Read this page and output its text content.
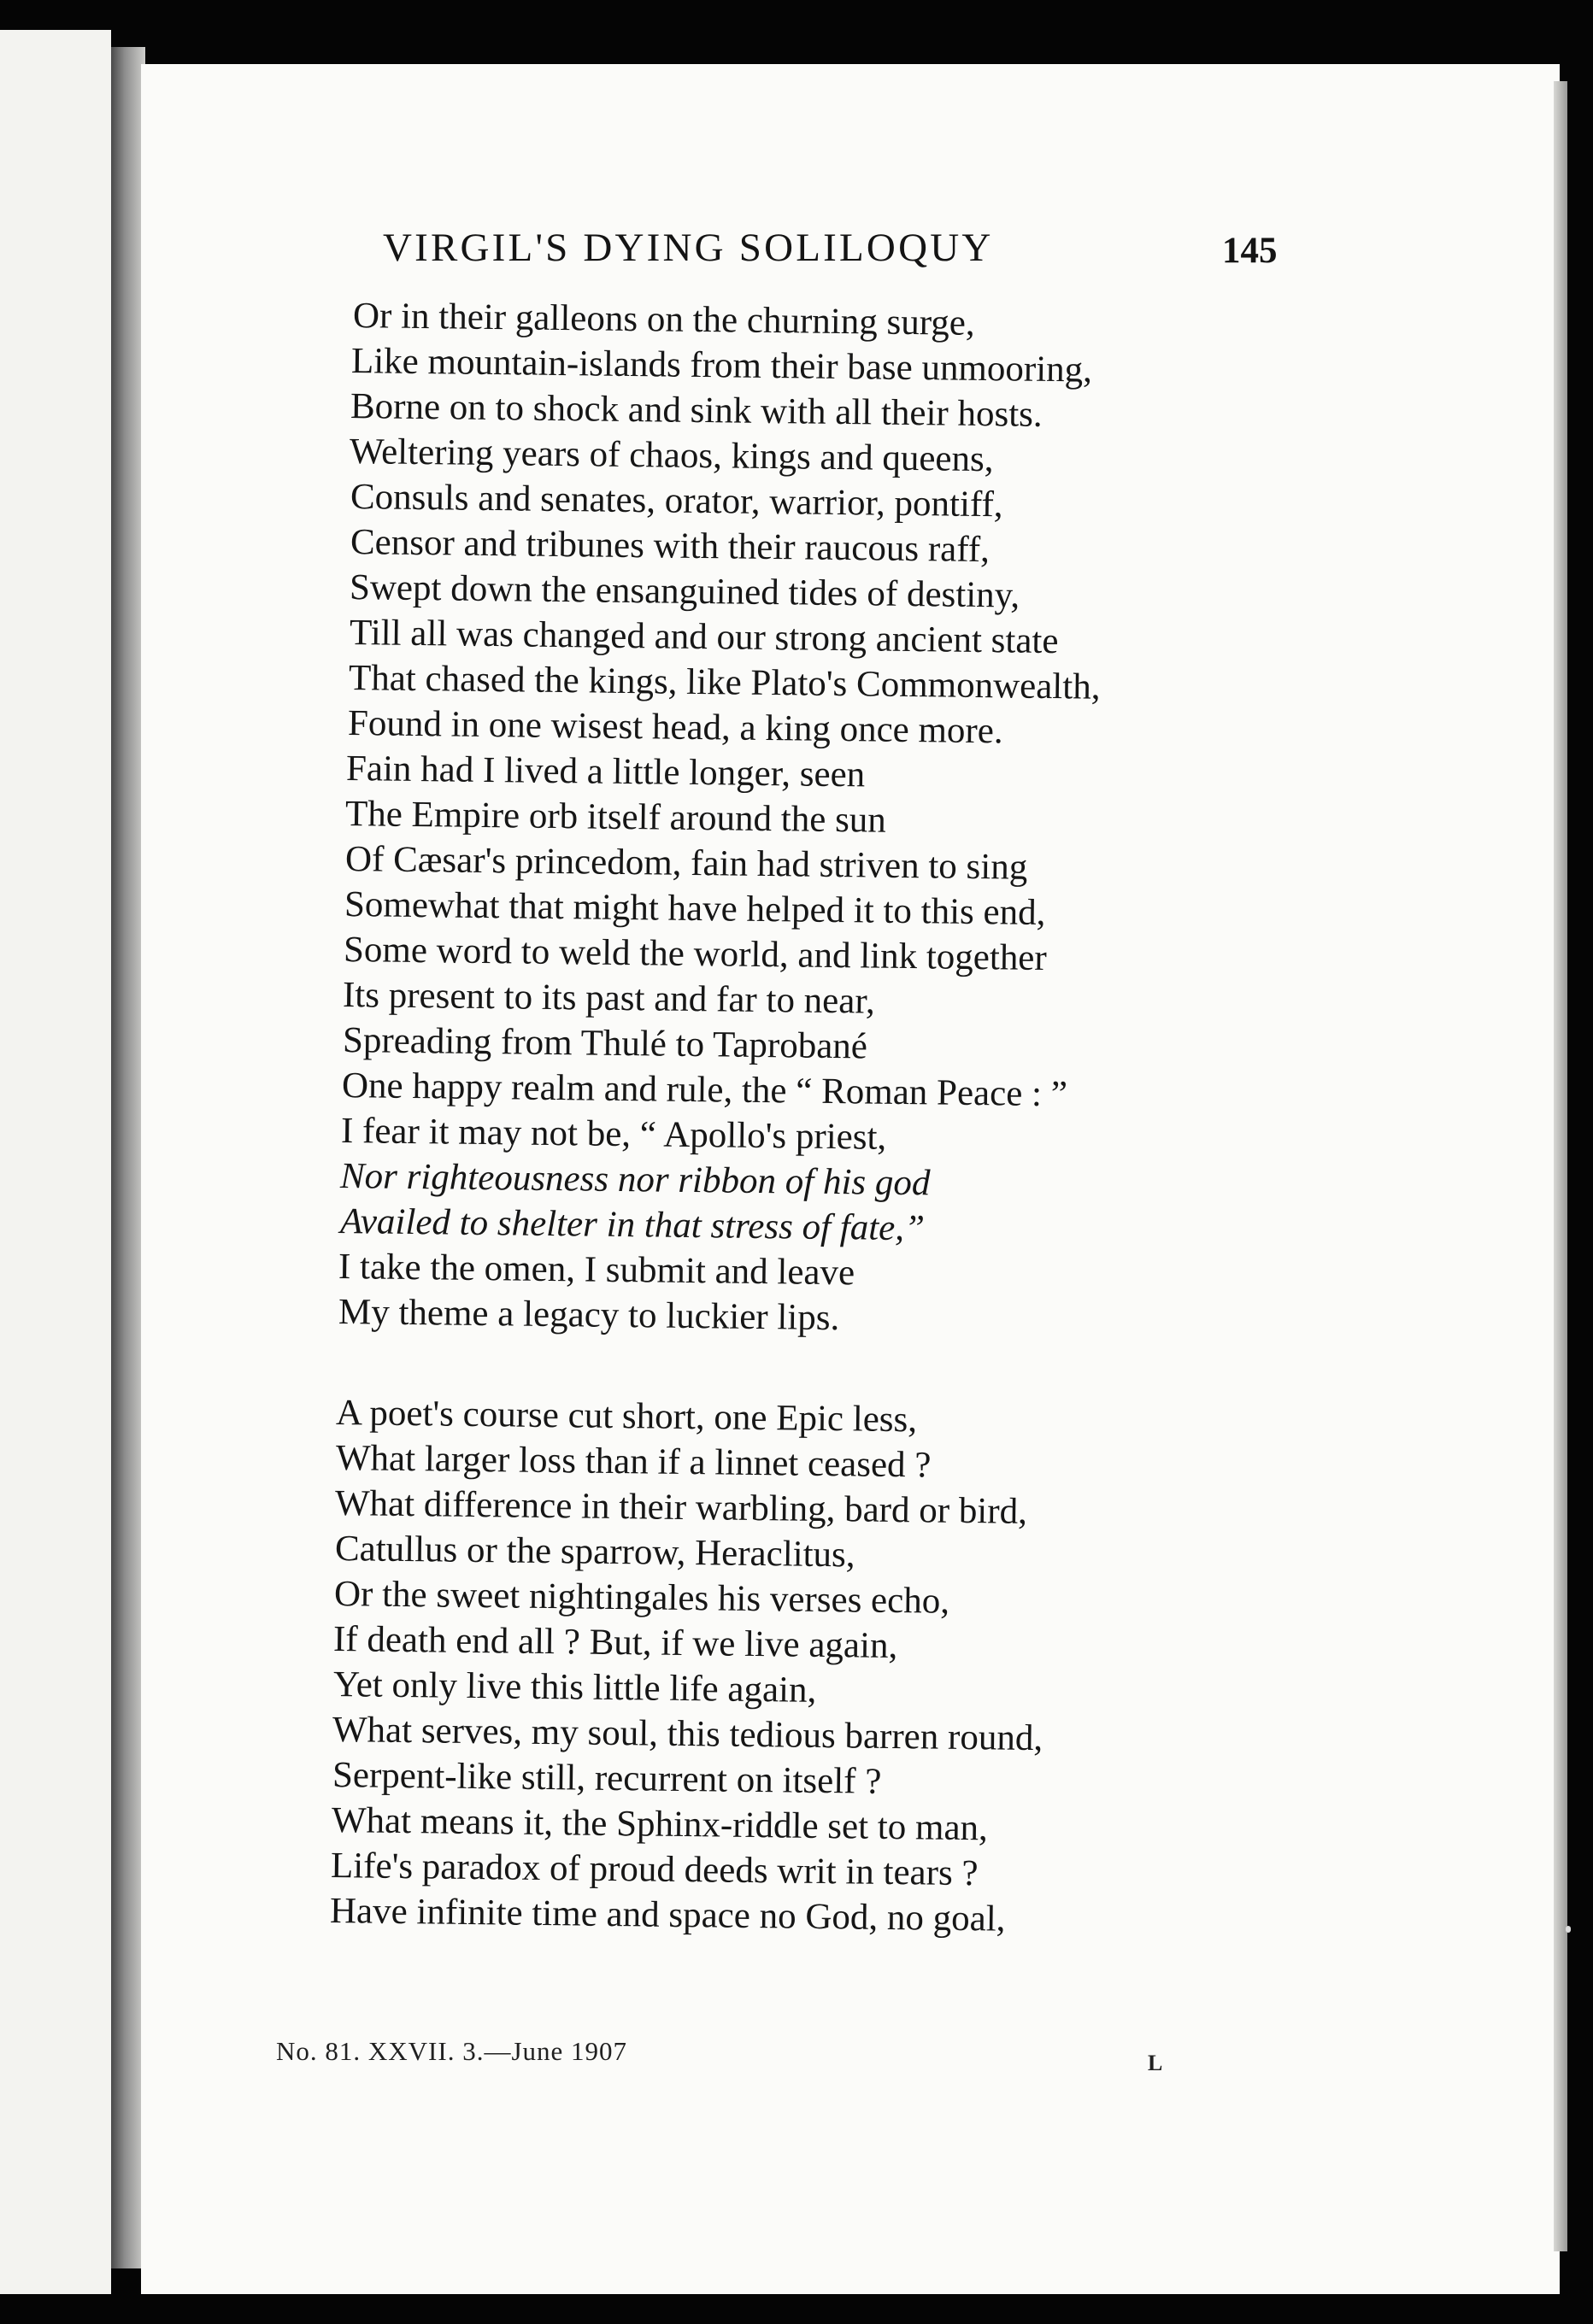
VIRGIL'S DYING SOLILOQUY	145
Or in their galleons on the churning surge,
Like mountain-islands from their base unmooring,
Borne on to shock and sink with all their hosts.
Weltering years of chaos, kings and queens,
Consuls and senates, orator, warrior, pontiff,
Censor and tribunes with their raucous raff,
Swept down the ensanguined tides of destiny,
Till all was changed and our strong ancient state
That chased the kings, like Plato's Commonwealth,
Found in one wisest head, a king once more.
Fain had I lived a little longer, seen
The Empire orb itself around the sun
Of Cæsar's princedom, fain had striven to sing
Somewhat that might have helped it to this end,
Some word to weld the world, and link together
Its present to its past and far to near,
Spreading from Thulé to Taprobané
One happy realm and rule, the “ Roman Peace : ”
I fear it may not be, “ Apollo's priest,
Nor righteousness nor ribbon of his god
Availed to shelter in that stress of fate,”
I take the omen, I submit and leave
My theme a legacy to luckier lips.
A poet's course cut short, one Epic less,
What larger loss than if a linnet ceased ?
What difference in their warbling, bard or bird,
Catullus or the sparrow, Heraclitus,
Or the sweet nightingales his verses echo,
If death end all ? But, if we live again,
Yet only live this little life again,
What serves, my soul, this tedious barren round,
Serpent-like still, recurrent on itself ?
What means it, the Sphinx-riddle set to man,
Life's paradox of proud deeds writ in tears ?
Have infinite time and space no God, no goal,
No. 81. XXVII. 3.—June 1907	L
